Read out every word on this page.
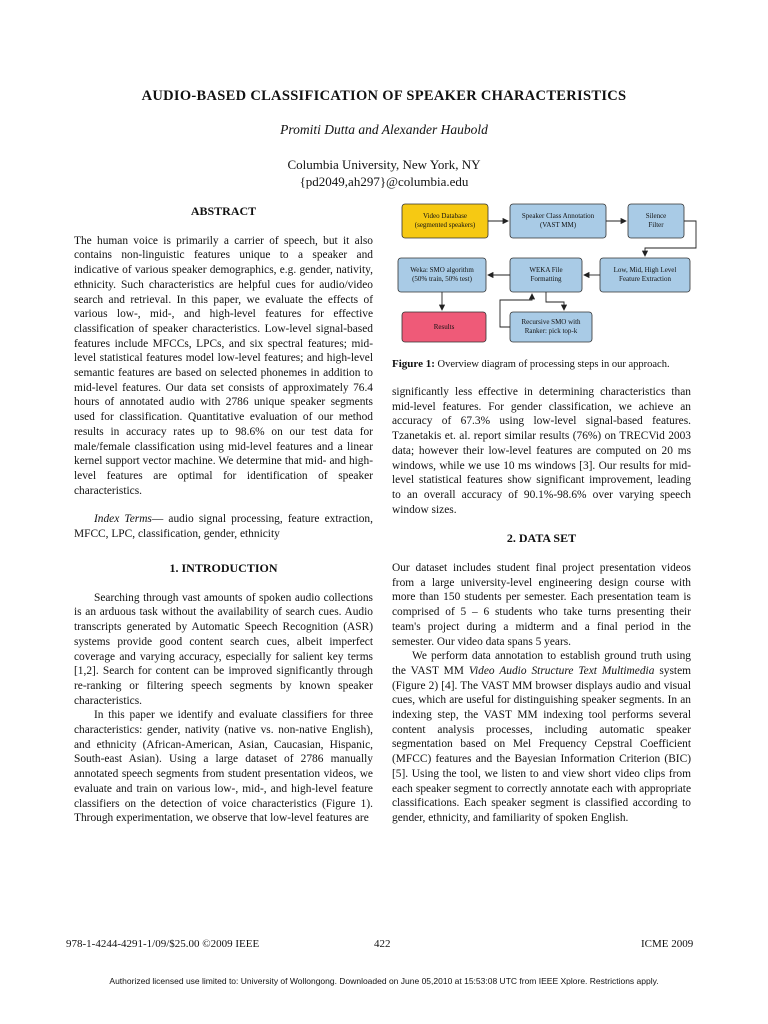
AUDIO-BASED CLASSIFICATION OF SPEAKER CHARACTERISTICS
Promiti Dutta and Alexander Haubold
Columbia University, New York, NY
{pd2049,ah297}@columbia.edu

ABSTRACT

The human voice is primarily a carrier of speech, but it also contains non-linguistic features unique to a speaker and indicative of various speaker demographics, e.g. gender, nativity, ethnicity. Such characteristics are helpful cues for audio/video search and retrieval. In this paper, we evaluate the effects of various low-, mid-, and high-level features for effective classification of speaker characteristics. Low-level signal-based features include MFCCs, LPCs, and six spectral features; mid-level statistical features model low-level features; and high-level semantic features are based on selected phonemes in addition to mid-level features. Our data set consists of approximately 76.4 hours of annotated audio with 2786 unique speaker segments used for classification. Quantitative evaluation of our method results in accuracy rates up to 98.6% on our test data for male/female classification using mid-level features and a linear kernel support vector machine. We determine that mid- and high-level features are optimal for identification of speaker characteristics.

Index Terms— audio signal processing, feature extraction, MFCC, LPC, classification, gender, ethnicity

1. INTRODUCTION

Searching through vast amounts of spoken audio collections is an arduous task without the availability of search cues. Audio transcripts generated by Automatic Speech Recognition (ASR) systems provide good content search cues, albeit imperfect coverage and varying accuracy, especially for salient key terms [1,2]. Search for content can be improved significantly through re-ranking or filtering speech segments by known speaker characteristics.

In this paper we identify and evaluate classifiers for three characteristics: gender, nativity (native vs. non-native English), and ethnicity (African-American, Asian, Caucasian, Hispanic, South-east Asian). Using a large dataset of 2786 manually annotated speech segments from student presentation videos, we evaluate and train on various low-, mid-, and high-level feature classifiers on the detection of voice characteristics (Figure 1). Through experimentation, we observe that low-level features are

Video Database
(segmented speakers)
Speaker Class Annotation
(VAST MM)
Silence
Filter
Weka: SMO algorithm
(50% train, 50% test)
WEKA File
Formatting
Low, Mid, High Level
Feature Extraction
Results
Recursive SMO with
Ranker: pick top-k
Figure 1: Overview diagram of processing steps in our approach.

significantly less effective in determining characteristics than mid-level features. For gender classification, we achieve an accuracy of 67.3% using low-level signal-based features. Tzanetakis et. al. report similar results (76%) on TRECVid 2003 data; however their low-level features are computed on 20 ms windows, while we use 10 ms windows [3]. Our results for mid-level statistical features show significant improvement, leading to an overall accuracy of 90.1%-98.6% over varying speech window sizes.

2. DATA SET

Our dataset includes student final project presentation videos from a large university-level engineering design course with more than 150 students per semester. Each presentation team is comprised of 5 – 6 students who take turns presenting their team's project during a midterm and a final period in the semester. Our video data spans 5 years.

We perform data annotation to establish ground truth using the VAST MM Video Audio Structure Text Multimedia system (Figure 2) [4]. The VAST MM browser displays audio and visual cues, which are useful for distinguishing speaker segments. In an indexing step, the VAST MM indexing tool performs several content analysis processes, including automatic speaker segmentation based on Mel Frequency Cepstral Coefficient (MFCC) features and the Bayesian Information Criterion (BIC) [5]. Using the tool, we listen to and view short video clips from each speaker segment to correctly annotate each with appropriate classifications. Each speaker segment is classified according to gender, ethnicity, and familiarity of spoken English.

978-1-4244-4291-1/09/$25.00 ©2009 IEEE	422	ICME 2009
Authorized licensed use limited to: University of Wollongong. Downloaded on June 05,2010 at 15:53:08 UTC from IEEE Xplore. Restrictions apply.
